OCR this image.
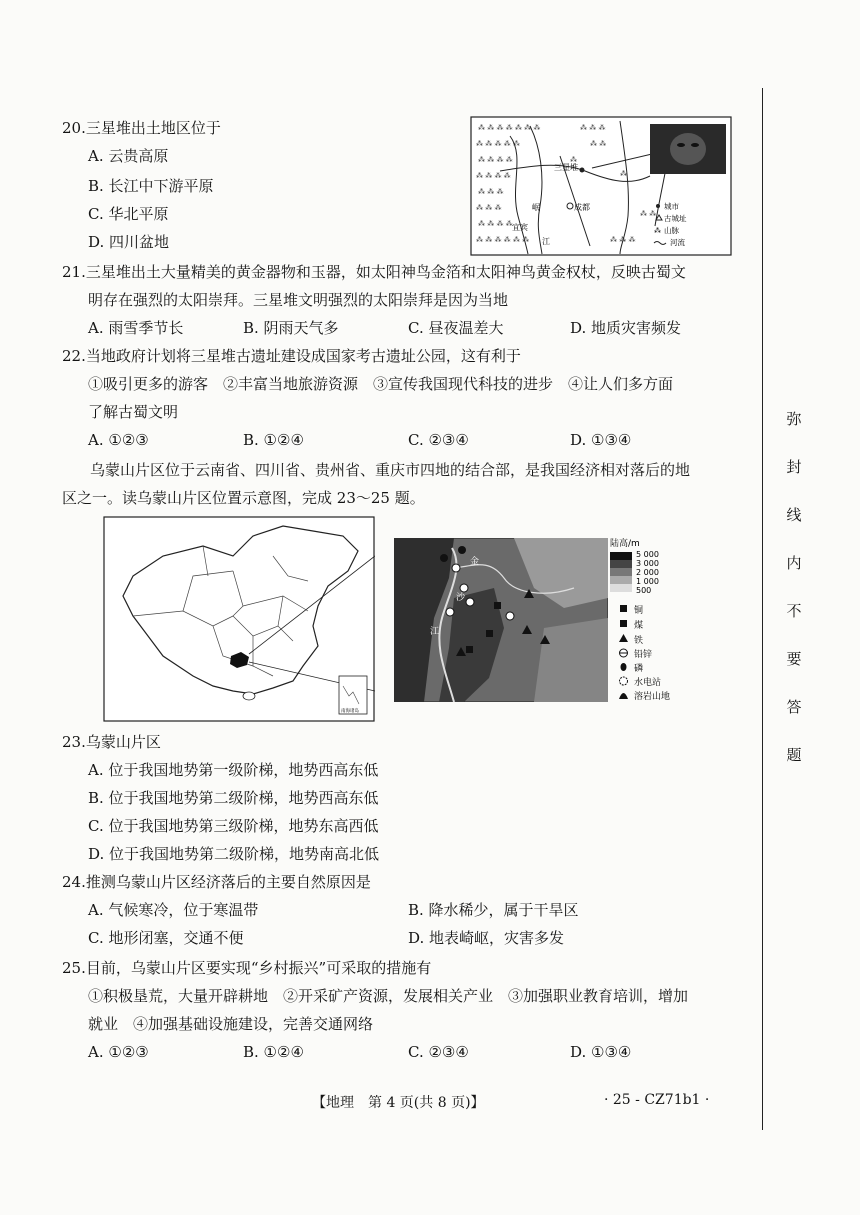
弥
封
线
内
不
要
答
题
20.三星堆出土地区位于
A. 云贵高原
B. 长江中下游平原
C. 华北平原
D. 四川盆地
⁂ ⁂ ⁂ ⁂ ⁂ ⁂ ⁂
⁂ ⁂ ⁂ ⁂ ⁂
⁂ ⁂ ⁂ ⁂
⁂ ⁂ ⁂ ⁂
⁂ ⁂ ⁂
⁂ ⁂ ⁂
⁂ ⁂ ⁂ ⁂
⁂ ⁂ ⁂ ⁂ ⁂ ⁂
⁂ ⁂ ⁂
⁂ ⁂
⁂ ⁂ ⁂
⁂ ⁂
⁂
⁂
三星堆
成都
岷
江
宜宾
城市
古城址
⁂ 山脉
河流
21.三星堆出土大量精美的黄金器物和玉器，如太阳神鸟金箔和太阳神鸟黄金权杖，反映古蜀文
明存在强烈的太阳崇拜。三星堆文明强烈的太阳崇拜是因为当地
A. 雨雪季节长	B. 阴雨天气多	C. 昼夜温差大	D. 地质灾害频发
22.当地政府计划将三星堆古遗址建设成国家考古遗址公园，这有利于
①吸引更多的游客　②丰富当地旅游资源　③宣传我国现代科技的进步　④让人们多方面
了解古蜀文明
A. ①②③	B. ①②④	C. ②③④	D. ①③④
乌蒙山片区位于云南省、四川省、贵州省、重庆市四地的结合部，是我国经济相对落后的地
区之一。读乌蒙山片区位置示意图，完成 23～25 题。
南海诸岛
金
沙
江
陆高/m
5 000
3 000
2 000
1 000
500
铜
煤
铁
铅锌
磷
水电站
溶岩山地
23.乌蒙山片区
A. 位于我国地势第一级阶梯，地势西高东低
B. 位于我国地势第二级阶梯，地势西高东低
C. 位于我国地势第三级阶梯，地势东高西低
D. 位于我国地势第二级阶梯，地势南高北低
24.推测乌蒙山片区经济落后的主要自然原因是
A. 气候寒冷，位于寒温带	B. 降水稀少，属于干旱区
C. 地形闭塞，交通不便	D. 地表崎岖，灾害多发
25.目前，乌蒙山片区要实现“乡村振兴”可采取的措施有
①积极垦荒，大量开辟耕地　②开采矿产资源，发展相关产业　③加强职业教育培训，增加
就业　④加强基础设施建设，完善交通网络
A. ①②③	B. ①②④	C. ②③④	D. ①③④
【地理　第 4 页(共 8 页)】	· 25 - CZ71b1 ·
